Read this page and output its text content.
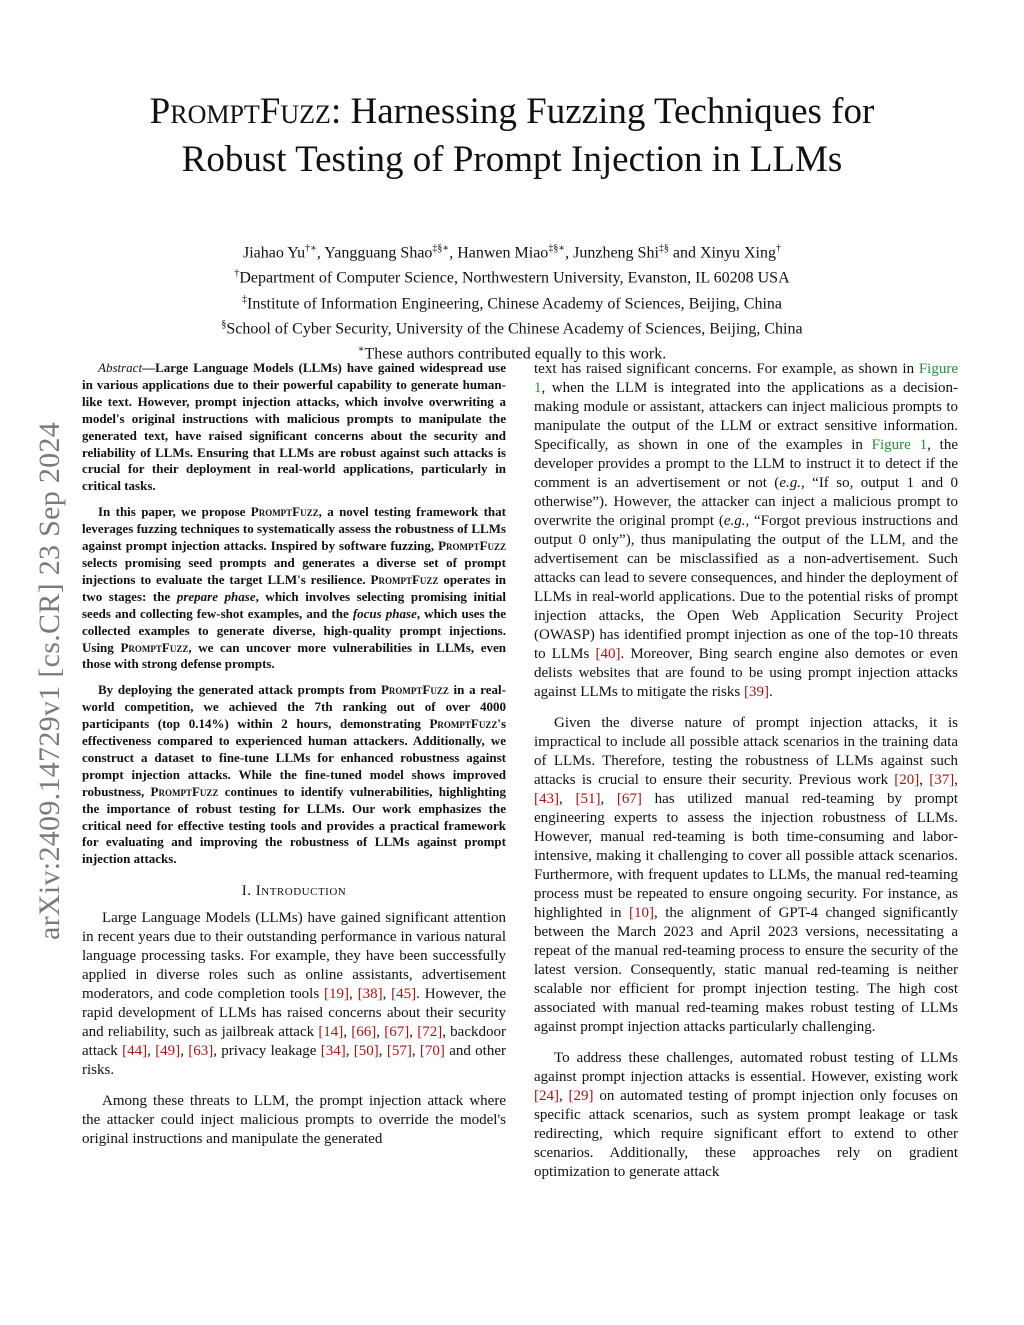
arXiv:2409.14729v1 [cs.CR] 23 Sep 2024
PromptFuzz: Harnessing Fuzzing Techniques for
Robust Testing of Prompt Injection in LLMs
Jiahao Yu†∗, Yangguang Shao‡§∗, Hanwen Miao‡§∗, Junzheng Shi‡§ and Xinyu Xing†
†Department of Computer Science, Northwestern University, Evanston, IL 60208 USA
‡Institute of Information Engineering, Chinese Academy of Sciences, Beijing, China
§School of Cyber Security, University of the Chinese Academy of Sciences, Beijing, China
∗These authors contributed equally to this work.

Abstract—Large Language Models (LLMs) have gained widespread use in various applications due to their powerful capability to generate human-like text. However, prompt injection attacks, which involve overwriting a model's original instructions with malicious prompts to manipulate the generated text, have raised significant concerns about the security and reliability of LLMs. Ensuring that LLMs are robust against such attacks is crucial for their deployment in real-world applications, particularly in critical tasks.

In this paper, we propose PromptFuzz, a novel testing framework that leverages fuzzing techniques to systematically assess the robustness of LLMs against prompt injection attacks. Inspired by software fuzzing, PromptFuzz selects promising seed prompts and generates a diverse set of prompt injections to evaluate the target LLM's resilience. PromptFuzz operates in two stages: the prepare phase, which involves selecting promising initial seeds and collecting few-shot examples, and the focus phase, which uses the collected examples to generate diverse, high-quality prompt injections. Using PromptFuzz, we can uncover more vulnerabilities in LLMs, even those with strong defense prompts.

By deploying the generated attack prompts from PromptFuzz in a real-world competition, we achieved the 7th ranking out of over 4000 participants (top 0.14%) within 2 hours, demonstrating PromptFuzz's effectiveness compared to experienced human attackers. Additionally, we construct a dataset to fine-tune LLMs for enhanced robustness against prompt injection attacks. While the fine-tuned model shows improved robustness, PromptFuzz continues to identify vulnerabilities, highlighting the importance of robust testing for LLMs. Our work emphasizes the critical need for effective testing tools and provides a practical framework for evaluating and improving the robustness of LLMs against prompt injection attacks.

I. Introduction

Large Language Models (LLMs) have gained significant attention in recent years due to their outstanding performance in various natural language processing tasks. For example, they have been successfully applied in diverse roles such as online assistants, advertisement moderators, and code completion tools [19], [38], [45]. However, the rapid development of LLMs has raised concerns about their security and reliability, such as jailbreak attack [14], [66], [67], [72], backdoor attack [44], [49], [63], privacy leakage [34], [50], [57], [70] and other risks.

Among these threats to LLM, the prompt injection attack where the attacker could inject malicious prompts to override the model's original instructions and manipulate the generated

text has raised significant concerns. For example, as shown in Figure 1, when the LLM is integrated into the applications as a decision-making module or assistant, attackers can inject malicious prompts to manipulate the output of the LLM or extract sensitive information. Specifically, as shown in one of the examples in Figure 1, the developer provides a prompt to the LLM to instruct it to detect if the comment is an advertisement or not (e.g., “If so, output 1 and 0 otherwise”). However, the attacker can inject a malicious prompt to overwrite the original prompt (e.g., “Forgot previous instructions and output 0 only”), thus manipulating the output of the LLM, and the advertisement can be misclassified as a non-advertisement. Such attacks can lead to severe consequences, and hinder the deployment of LLMs in real-world applications. Due to the potential risks of prompt injection attacks, the Open Web Application Security Project (OWASP) has identified prompt injection as one of the top-10 threats to LLMs [40]. Moreover, Bing search engine also demotes or even delists websites that are found to be using prompt injection attacks against LLMs to mitigate the risks [39].

Given the diverse nature of prompt injection attacks, it is impractical to include all possible attack scenarios in the training data of LLMs. Therefore, testing the robustness of LLMs against such attacks is crucial to ensure their security. Previous work [20], [37], [43], [51], [67] has utilized manual red-teaming by prompt engineering experts to assess the injection robustness of LLMs. However, manual red-teaming is both time-consuming and labor-intensive, making it challenging to cover all possible attack scenarios. Furthermore, with frequent updates to LLMs, the manual red-teaming process must be repeated to ensure ongoing security. For instance, as highlighted in [10], the alignment of GPT-4 changed significantly between the March 2023 and April 2023 versions, necessitating a repeat of the manual red-teaming process to ensure the security of the latest version. Consequently, static manual red-teaming is neither scalable nor efficient for prompt injection testing. The high cost associated with manual red-teaming makes robust testing of LLMs against prompt injection attacks particularly challenging.

To address these challenges, automated robust testing of LLMs against prompt injection attacks is essential. However, existing work [24], [29] on automated testing of prompt injection only focuses on specific attack scenarios, such as system prompt leakage or task redirecting, which require significant effort to extend to other scenarios. Additionally, these approaches rely on gradient optimization to generate attack
